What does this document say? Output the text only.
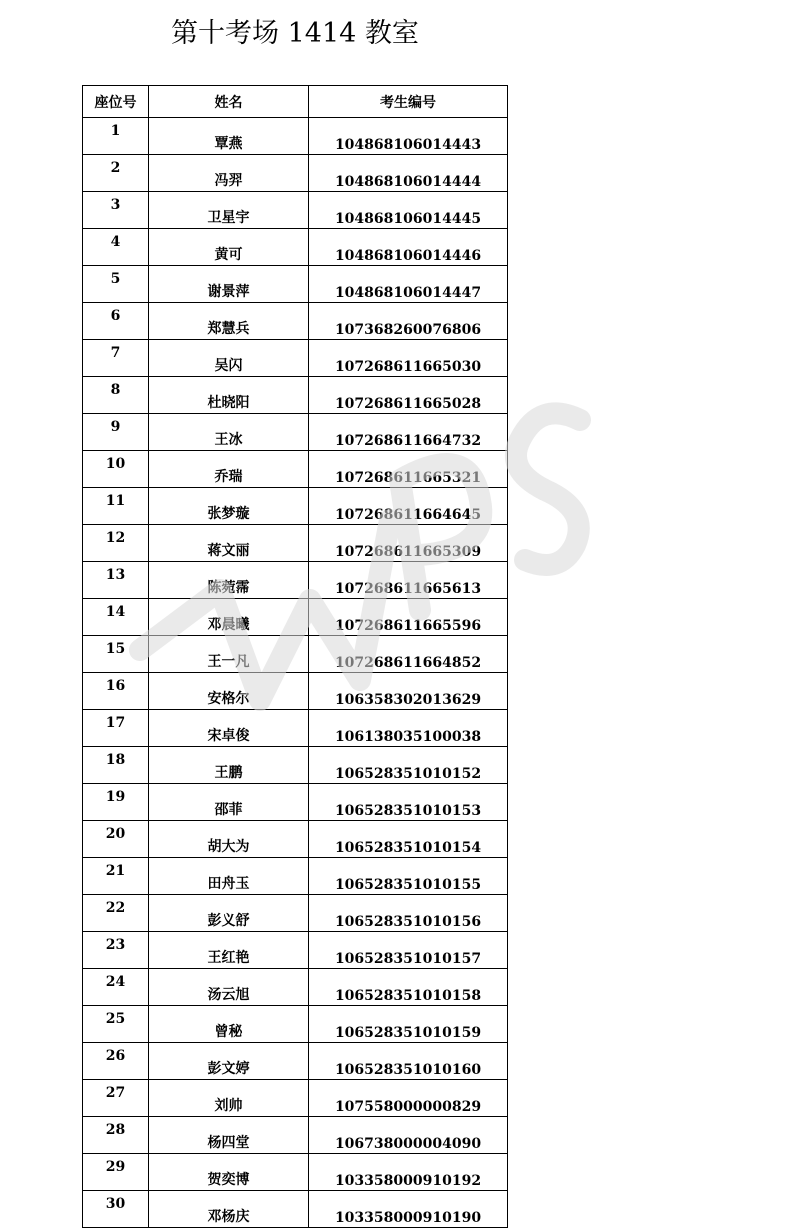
第十考场 1414 教室
座位号	姓名	考生编号
1	覃燕	104868106014443
2	冯羿	104868106014444
3	卫星宇	104868106014445
4	黄可	104868106014446
5	谢景萍	104868106014447
6	郑慧兵	107368260076806
7	吴闪	107268611665030
8	杜晓阳	107268611665028
9	王冰	107268611664732
10	乔瑞	107268611665321
11	张梦璇	107268611664645
12	蒋文丽	107268611665309
13	陈菀霈	107268611665613
14	邓晨曦	107268611665596
15	王一凡	107268611664852
16	安格尔	106358302013629
17	宋卓俊	106138035100038
18	王鹏	106528351010152
19	邵菲	106528351010153
20	胡大为	106528351010154
21	田舟玉	106528351010155
22	彭义舒	106528351010156
23	王红艳	106528351010157
24	汤云旭	106528351010158
25	曾秘	106528351010159
26	彭文婷	106528351010160
27	刘帅	107558000000829
28	杨四堂	106738000004090
29	贺奕博	103358000910192
30	邓杨庆	103358000910190
